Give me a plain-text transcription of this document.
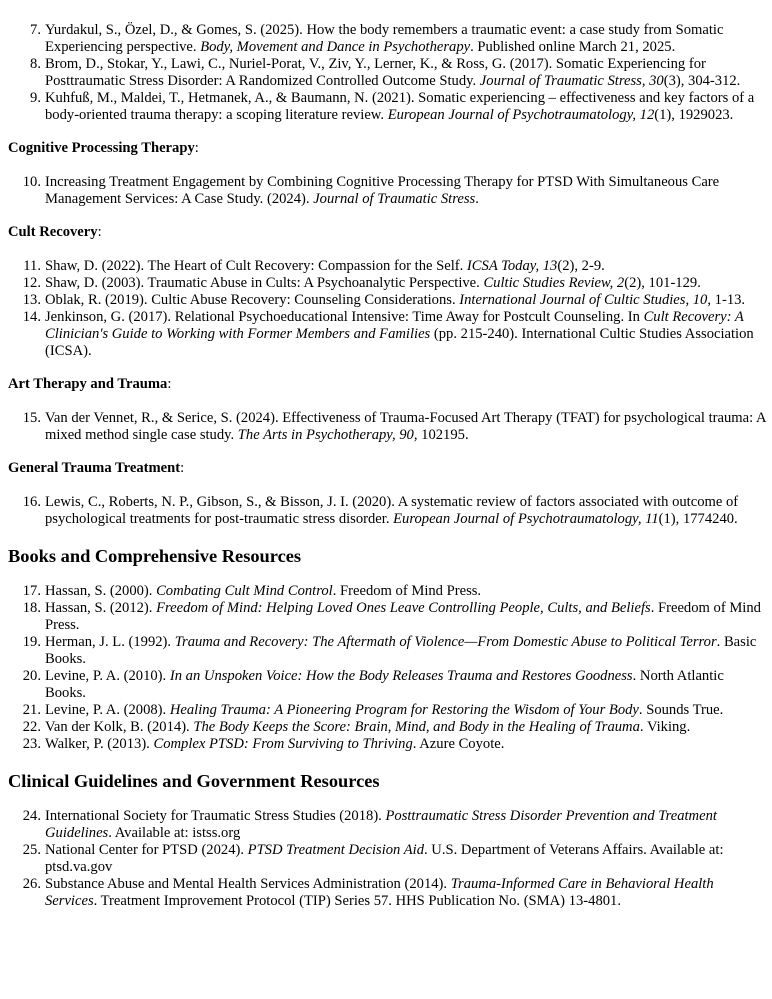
7. Yurdakul, S., Özel, D., & Gomes, S. (2025). How the body remembers a traumatic event: a case study from Somatic Experiencing perspective. Body, Movement and Dance in Psychotherapy. Published online March 21, 2025.
8. Brom, D., Stokar, Y., Lawi, C., Nuriel-Porat, V., Ziv, Y., Lerner, K., & Ross, G. (2017). Somatic Experiencing for Posttraumatic Stress Disorder: A Randomized Controlled Outcome Study. Journal of Traumatic Stress, 30(3), 304-312.
9. Kuhfuß, M., Maldei, T., Hetmanek, A., & Baumann, N. (2021). Somatic experiencing – effectiveness and key factors of a body-oriented trauma therapy: a scoping literature review. European Journal of Psychotraumatology, 12(1), 1929023.

Cognitive Processing Therapy:

10. Increasing Treatment Engagement by Combining Cognitive Processing Therapy for PTSD With Simultaneous Care Management Services: A Case Study. (2024). Journal of Traumatic Stress.

Cult Recovery:

11. Shaw, D. (2022). The Heart of Cult Recovery: Compassion for the Self. ICSA Today, 13(2), 2-9.
12. Shaw, D. (2003). Traumatic Abuse in Cults: A Psychoanalytic Perspective. Cultic Studies Review, 2(2), 101-129.
13. Oblak, R. (2019). Cultic Abuse Recovery: Counseling Considerations. International Journal of Cultic Studies, 10, 1-13.
14. Jenkinson, G. (2017). Relational Psychoeducational Intensive: Time Away for Postcult Counseling. In Cult Recovery: A Clinician's Guide to Working with Former Members and Families (pp. 215-240). International Cultic Studies Association (ICSA).

Art Therapy and Trauma:

15. Van der Vennet, R., & Serice, S. (2024). Effectiveness of Trauma-Focused Art Therapy (TFAT) for psychological trauma: A mixed method single case study. The Arts in Psychotherapy, 90, 102195.

General Trauma Treatment:

16. Lewis, C., Roberts, N. P., Gibson, S., & Bisson, J. I. (2020). A systematic review of factors associated with outcome of psychological treatments for post-traumatic stress disorder. European Journal of Psychotraumatology, 11(1), 1774240.
Books and Comprehensive Resources
17. Hassan, S. (2000). Combating Cult Mind Control. Freedom of Mind Press.
18. Hassan, S. (2012). Freedom of Mind: Helping Loved Ones Leave Controlling People, Cults, and Beliefs. Freedom of Mind Press.
19. Herman, J. L. (1992). Trauma and Recovery: The Aftermath of Violence—From Domestic Abuse to Political Terror. Basic Books.
20. Levine, P. A. (2010). In an Unspoken Voice: How the Body Releases Trauma and Restores Goodness. North Atlantic Books.
21. Levine, P. A. (2008). Healing Trauma: A Pioneering Program for Restoring the Wisdom of Your Body. Sounds True.
22. Van der Kolk, B. (2014). The Body Keeps the Score: Brain, Mind, and Body in the Healing of Trauma. Viking.
23. Walker, P. (2013). Complex PTSD: From Surviving to Thriving. Azure Coyote.
Clinical Guidelines and Government Resources
24. International Society for Traumatic Stress Studies (2018). Posttraumatic Stress Disorder Prevention and Treatment Guidelines. Available at: istss.org
25. National Center for PTSD (2024). PTSD Treatment Decision Aid. U.S. Department of Veterans Affairs. Available at: ptsd.va.gov
26. Substance Abuse and Mental Health Services Administration (2014). Trauma-Informed Care in Behavioral Health Services. Treatment Improvement Protocol (TIP) Series 57. HHS Publication No. (SMA) 13-4801.
